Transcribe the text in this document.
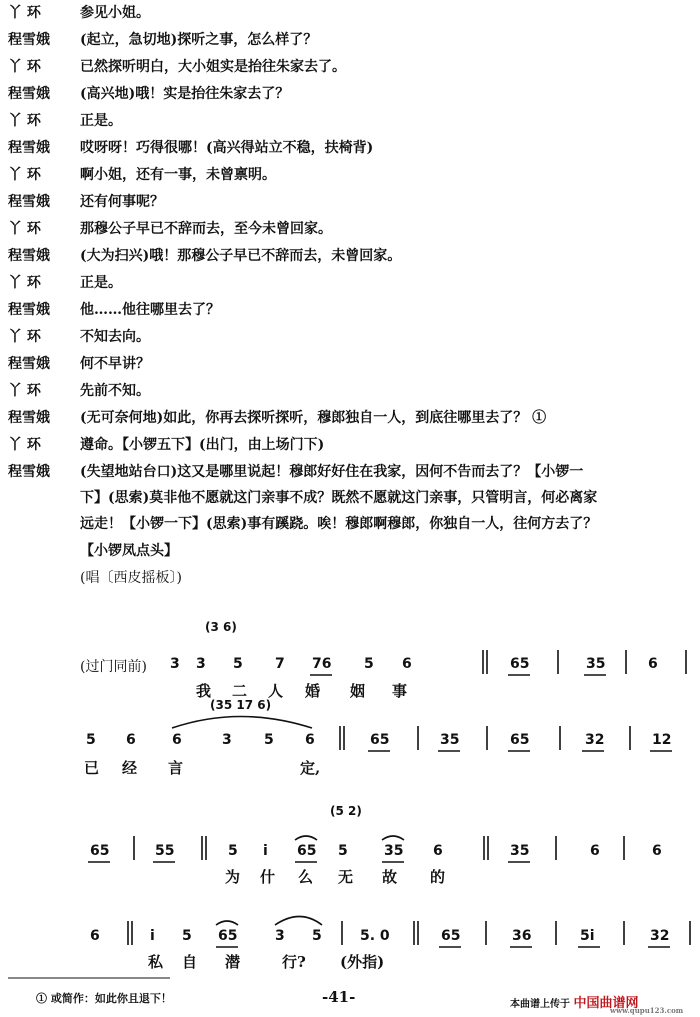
丫 环	参见小姐。
程雪娥 (起立，急切地)探听之事，怎么样了？
丫 环	已然探听明白，大小姐实是抬往朱家去了。
程雪娥 (高兴地)哦！实是抬往朱家去了？
丫 环	正是。
程雪娥 哎呀呀！巧得很哪！(高兴得站立不稳，扶椅背)
丫 环	啊小姐，还有一事，未曾禀明。
程雪娥 还有何事呢？
丫 环	那穆公子早已不辞而去，至今未曾回家。
程雪娥 (大为扫兴)哦！那穆公子早已不辞而去，未曾回家。
丫 环	正是。
程雪娥 他……他往哪里去了？
丫 环	不知去向。
程雪娥 何不早讲？
丫 环	先前不知。
程雪娥 (无可奈何地)如此，你再去探听探听，穆郎独自一人，到底往哪里去了？ ①
丫 环	遵命。【小锣五下】(出门，由上场门下)
程雪娥 (失望地站台口)这又是哪里说起！穆郎好好住在我家，因何不告而去了？【小锣一
下】(思索)莫非他不愿就这门亲事不成？既然不愿就这门亲事，只管明言，何必离家
远走！【小锣一下】(思索)事有蹊跷。唉！穆郎啊穆郎，你独自一人，往何方去了？
【小锣凤点头】
(唱〔西皮摇板〕)
(3 6)
(过门同前) 3 3 5 7 76	6
5	65	35	6
我 二 人 婚 姻 事
(35 17 6)
5 6	6	3 5 6	65	35	65	32	12
已 经 言	定,
(5 2)
65	55	5 i 65 5	35 6	35	6	6
为 什 么 无 故 的
6	i 5 65	3 5	5. 0	65	36	5i	32
私 自 潜	行? (外指)
① 或简作：如此你且退下！	-41-	本曲谱上传于 中国曲谱网
www.qupu123.com
